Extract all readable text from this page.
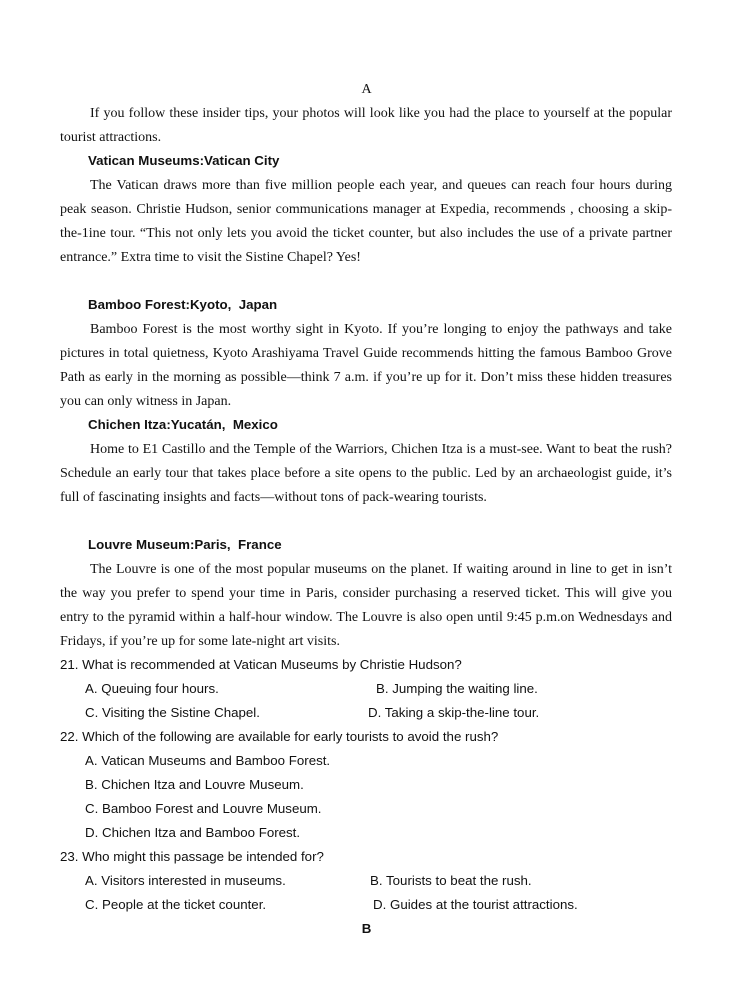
A

If you follow these insider tips, your photos will look like you had the place to yourself at the popular tourist attractions.

Vatican Museums:Vatican City

The Vatican draws more than five million people each year, and queues can reach four hours during peak season. Christie Hudson, senior communications manager at Expedia, recommends , choosing a skip-the-1ine tour. “This not only lets you avoid the ticket counter, but also includes the use of a private partner entrance.” Extra time to visit the Sistine Chapel? Yes!

Bamboo Forest:Kyoto,  Japan

Bamboo Forest is the most worthy sight in Kyoto. If you’re longing to enjoy the pathways and take pictures in total quietness, Kyoto Arashiyama Travel Guide recommends hitting the famous Bamboo Grove Path as early in the morning as possible—think 7 a.m. if you’re up for it. Don’t miss these hidden treasures you can only witness in Japan.

Chichen Itza:Yucatán,  Mexico

Home to E1 Castillo and the Temple of the Warriors, Chichen Itza is a must-see. Want to beat the rush? Schedule an early tour that takes place before a site opens to the public. Led by an archaeologist guide, it’s full of fascinating insights and facts—without tons of pack-wearing tourists.

Louvre Museum:Paris,  France

The Louvre is one of the most popular museums on the planet. If waiting around in line to get in isn’t the way you prefer to spend your time in Paris, consider purchasing a reserved ticket. This will give you entry to the pyramid within a half-hour window. The Louvre is also open until 9:45 p.m.on Wednesdays and Fridays, if you’re up for some late-night art visits.

21. What is recommended at Vatican Museums by Christie Hudson?
A. Queuing four hours.	B. Jumping the waiting line.
C. Visiting the Sistine Chapel.	D. Taking a skip-the-line tour.
22. Which of the following are available for early tourists to avoid the rush?
A. Vatican Museums and Bamboo Forest.
B. Chichen Itza and Louvre Museum.
C. Bamboo Forest and Louvre Museum.
D. Chichen Itza and Bamboo Forest.
23. Who might this passage be intended for?
A. Visitors interested in museums.	B. Tourists to beat the rush.
C. People at the ticket counter.	D. Guides at the tourist attractions.
B
